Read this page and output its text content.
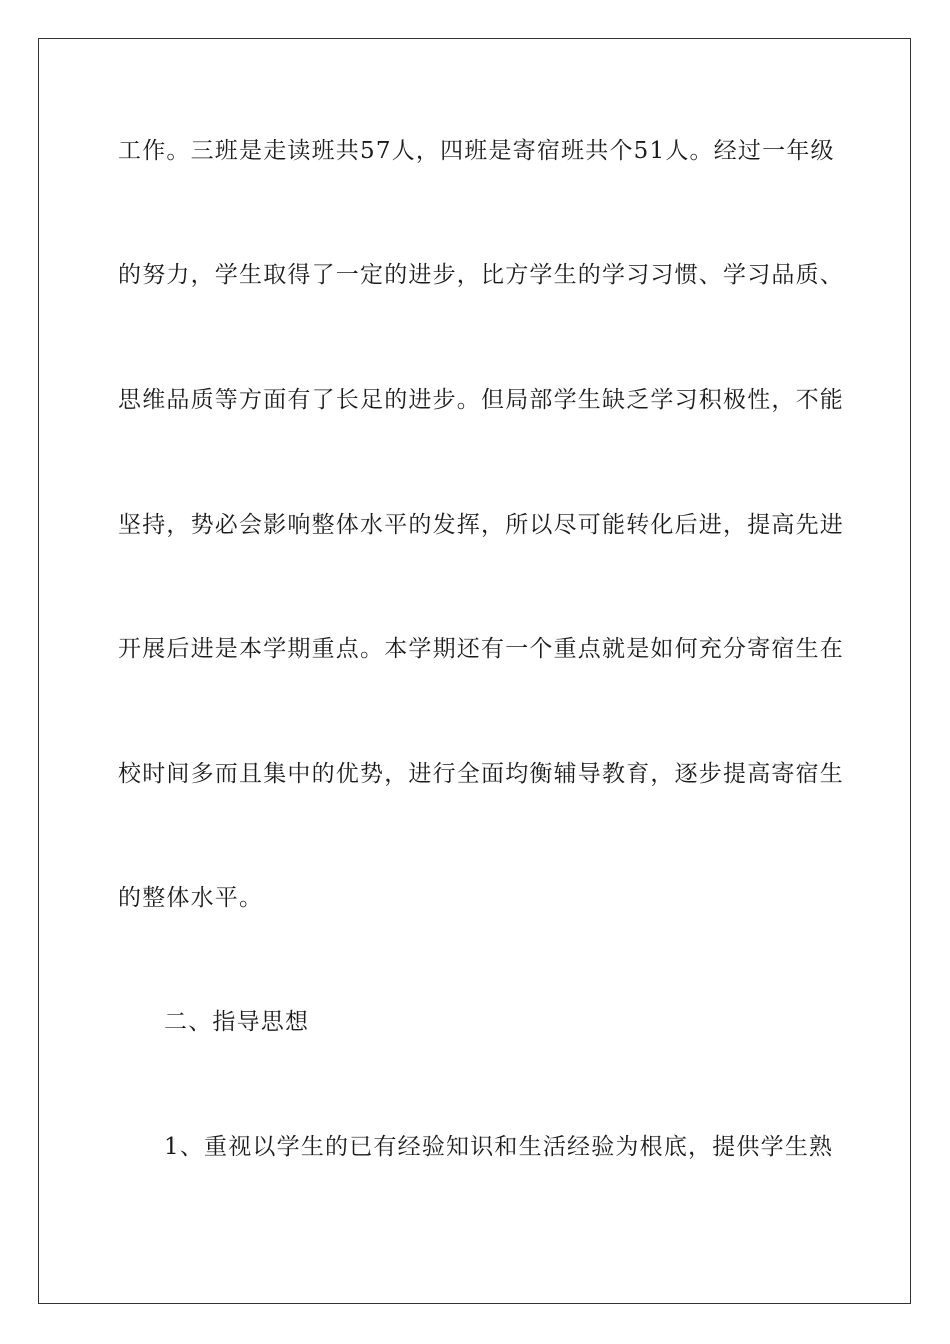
工作。三班是走读班共57人，四班是寄宿班共个51人。经过一年级
的努力，学生取得了一定的进步，比方学生的学习习惯、学习品质、
思维品质等方面有了长足的进步。但局部学生缺乏学习积极性，不能
坚持，势必会影响整体水平的发挥，所以尽可能转化后进，提高先进
开展后进是本学期重点。本学期还有一个重点就是如何充分寄宿生在
校时间多而且集中的优势，进行全面均衡辅导教育，逐步提高寄宿生
的整体水平。
二、指导思想
1、重视以学生的已有经验知识和生活经验为根底，提供学生熟
